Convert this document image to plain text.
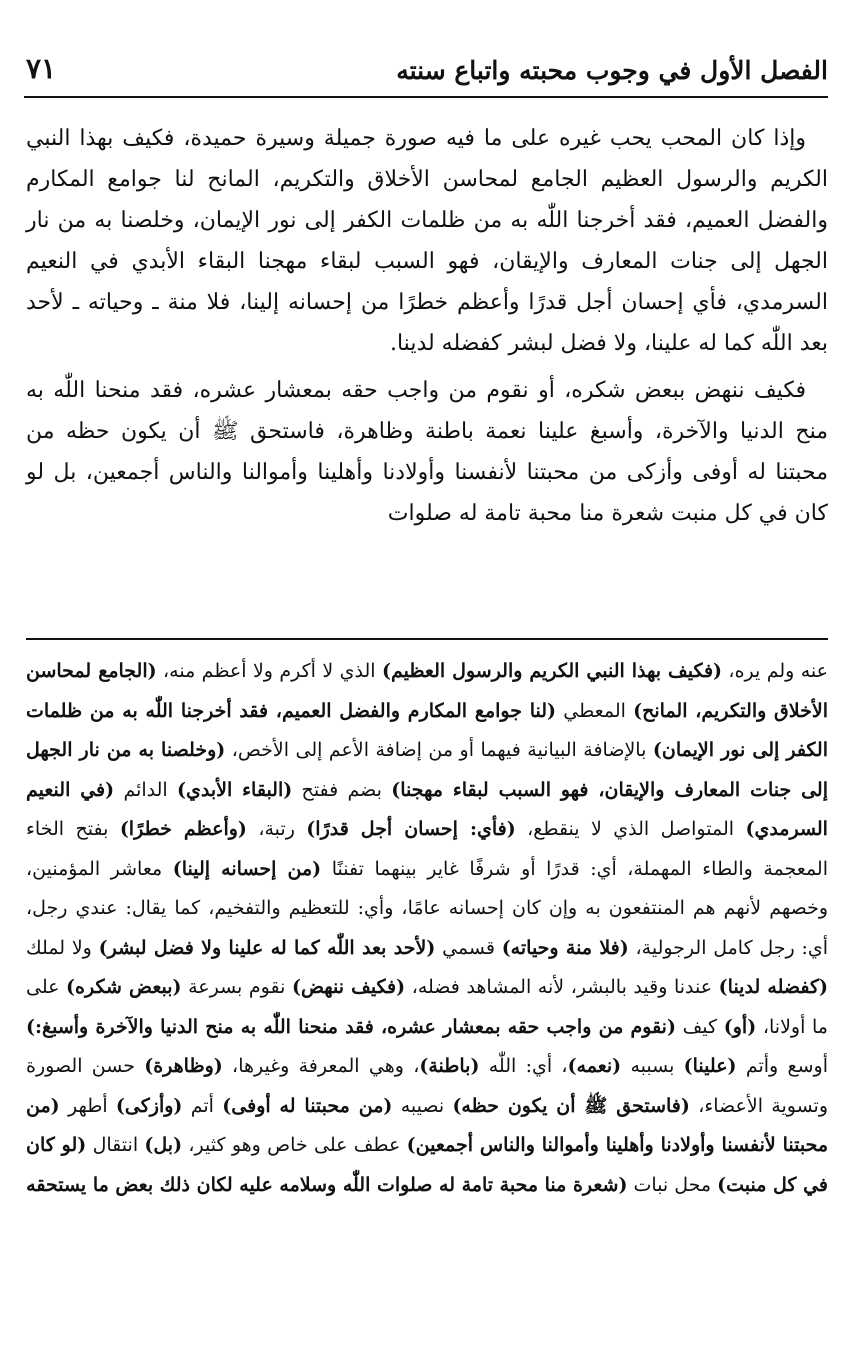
الفصل الأول في وجوب محبته واتباع سنته
٧١

وإذا كان المحب يحب غيره على ما فيه صورة جميلة وسيرة حميدة، فكيف بهذا النبي الكريم والرسول العظيم الجامع لمحاسن الأخلاق والتكريم، المانح لنا جوامع المكارم والفضل العميم، فقد أخرجنا اللّٰه به من ظلمات الكفر إلى نور الإيمان، وخلصنا به من نار الجهل إلى جنات المعارف والإيقان، فهو السبب لبقاء مهجنا البقاء الأبدي في النعيم السرمدي، فأي إحسان أجل قدرًا وأعظم خطرًا من إحسانه إلينا، فلا منة ـ وحياته ـ لأحد بعد اللّٰه كما له علينا، ولا فضل لبشر كفضله لدينا.

فكيف ننهض ببعض شكره، أو نقوم من واجب حقه بمعشار عشره، فقد منحنا اللّٰه به منح الدنيا والآخرة، وأسبغ علينا نعمة باطنة وظاهرة، فاستحق ﷺ أن يكون حظه من محبتنا له أوفى وأزكى من محبتنا لأنفسنا وأولادنا وأهلينا وأموالنا والناس أجمعين، بل لو كان في كل منبت شعرة منا محبة تامة له صلوات

عنه ولم يره، (فكيف بهذا النبي الكريم والرسول العظيم) الذي لا أكرم ولا أعظم منه، (الجامع لمحاسن الأخلاق والتكريم، المانح) المعطي (لنا جوامع المكارم والفضل العميم، فقد أخرجنا اللّٰه به من ظلمات الكفر إلى نور الإيمان) بالإضافة البيانية فيهما أو من إضافة الأعم إلى الأخص، (وخلصنا به من نار الجهل إلى جنات المعارف والإيقان، فهو السبب لبقاء مهجنا) بضم ففتح (البقاء الأبدي) الدائم (في النعيم السرمدي) المتواصل الذي لا ينقطع، (فأي: إحسان أجل قدرًا) رتبة، (وأعظم خطرًا) بفتح الخاء المعجمة والطاء المهملة، أي: قدرًا أو شرفًا غاير بينهما تفننًا (من إحسانه إلينا) معاشر المؤمنين، وخصهم لأنهم هم المنتفعون به وإن كان إحسانه عامًا، وأي: للتعظيم والتفخيم، كما يقال: عندي رجل، أي: رجل كامل الرجولية، (فلا منة وحياته) قسمي (لأحد بعد اللّٰه كما له علينا ولا فضل لبشر) ولا لملك (كفضله لدينا) عندنا وقيد بالبشر، لأنه المشاهد فضله، (فكيف ننهض) نقوم بسرعة (ببعض شكره) على ما أولانا، (أو) كيف (نقوم من واجب حقه بمعشار عشره، فقد منحنا اللّٰه به منح الدنيا والآخرة وأسبغ:) أوسع وأتم (علينا) بسببه (نعمه)، أي: اللّٰه (باطنة)، وهي المعرفة وغيرها، (وظاهرة) حسن الصورة وتسوية الأعضاء، (فاستحق ﷺ أن يكون حظه) نصيبه (من محبتنا له أوفى) أتم (وأزكى) أطهر (من محبتنا لأنفسنا وأولادنا وأهلينا وأموالنا والناس أجمعين) عطف على خاص وهو كثير، (بل) انتقال (لو كان في كل منبت) محل نبات (شعرة منا محبة تامة له صلوات اللّٰه وسلامه عليه لكان ذلك بعض ما يستحقه
